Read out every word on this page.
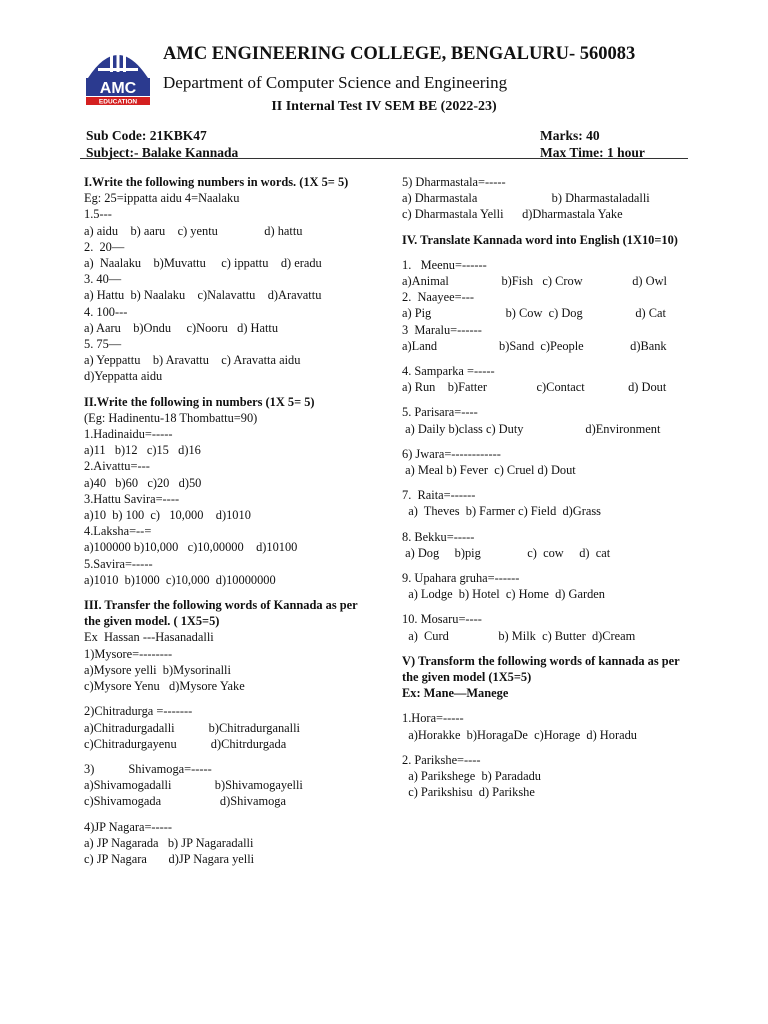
AMC
EDUCATION
AMC ENGINEERING COLLEGE, BENGALURU- 560083
Department of Computer Science and Engineering
II Internal Test IV SEM BE (2022-23)
Sub Code: 21KBK47
Subject:- Balake Kannada
Marks: 40
Max Time: 1 hour
I.Write the following numbers in words. (1X 5= 5)
Eg: 25=ippatta aidu 4=Naalaku
1.5---
a) aidu    b) aaru    c) yentu               d) hattu
2.  20—
a)  Naalaku    b)Muvattu     c) ippattu    d) eradu
3. 40—
a) Hattu  b) Naalaku    c)Nalavattu    d)Aravattu
4. 100---
a) Aaru    b)Ondu     c)Nooru   d) Hattu
5. 75—
a) Yeppattu    b) Aravattu    c) Aravatta aidu
d)Yeppatta aidu
II.Write the following in numbers (1X 5= 5)
(Eg: Hadinentu-18 Thombattu=90)
1.Hadinaidu=-----
a)11   b)12   c)15   d)16
2.Aivattu=---
a)40   b)60   c)20   d)50
3.Hattu Savira=----
a)10  b) 100  c)   10,000    d)1010
4.Laksha=--=
a)100000 b)10,000   c)10,00000    d)10100
5.Savira=-----
a)1010  b)1000  c)10,000  d)10000000
III. Transfer the following words of Kannada as per the given model. ( 1X5=5)
Ex  Hassan ---Hasanadalli
1)Mysore=--------
a)Mysore yelli  b)Mysorinalli
c)Mysore Yenu   d)Mysore Yake
2)Chitradurga =-------
a)Chitradurgadalli           b)Chitradurganalli
c)Chitradurgayenu           d)Chitrdurgada
3)           Shivamoga=-----
a)Shivamogadalli              b)Shivamogayelli
c)Shivamogada                   d)Shivamoga
4)JP Nagara=-----
a) JP Nagarada   b) JP Nagaradalli
c) JP Nagara       d)JP Nagara yelli
5) Dharmastala=-----
a) Dharmastala                        b) Dharmastaladalli
c) Dharmastala Yelli      d)Dharmastala Yake
IV. Translate Kannada word into English (1X10=10)
1.   Meenu=------
a)Animal                 b)Fish   c) Crow                d) Owl
2.  Naayee=---
a) Pig                        b) Cow  c) Dog                 d) Cat
3  Maralu=------
a)Land                    b)Sand  c)People               d)Bank
4. Samparka =-----
a) Run    b)Fatter                c)Contact              d) Dout
5. Parisara=----
a) Daily b)class c) Duty                    d)Environment
6) Jwara=------------
a) Meal b) Fever  c) Cruel d) Dout
7.  Raita=------
a)  Theves  b) Farmer c) Field  d)Grass
8. Bekku=-----
a) Dog     b)pig               c)  cow     d)  cat
9. Upahara gruha=------
a) Lodge  b) Hotel  c) Home  d) Garden
10. Mosaru=----
a)  Curd                b) Milk  c) Butter  d)Cream
V) Transform the following words of kannada as per the given model (1X5=5)
Ex: Mane—Manege
1.Hora=-----
a)Horakke  b)HoragaDe  c)Horage  d) Horadu
2. Parikshe=----
a) Parikshege  b) Paradadu
c) Parikshisu  d) Parikshe
